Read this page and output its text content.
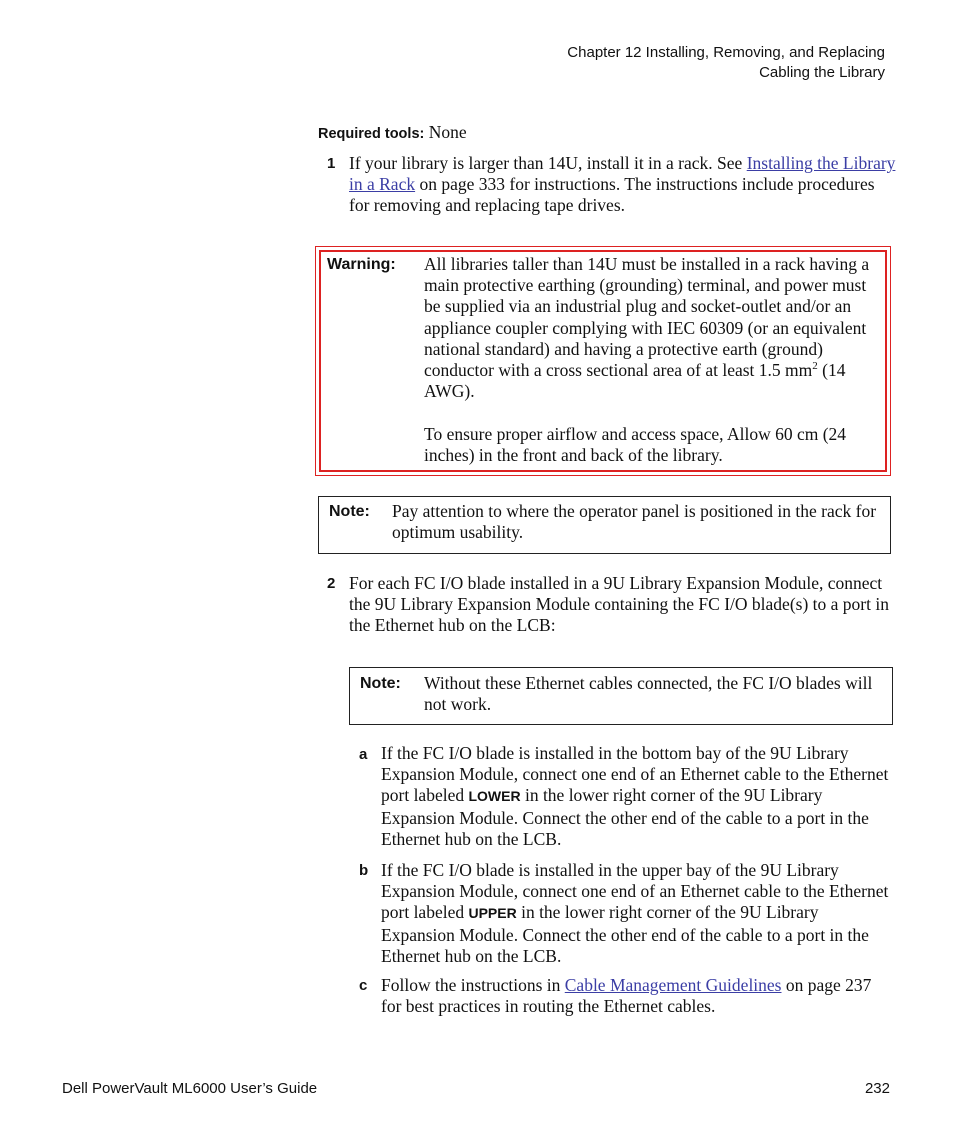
Chapter 12 Installing, Removing, and Replacing
Cabling the Library
Required tools: None
1 If your library is larger than 14U, install it in a rack. See Installing the Library in a Rack on page 333 for instructions. The instructions include procedures for removing and replacing tape drives.
Warning: All libraries taller than 14U must be installed in a rack having a main protective earthing (grounding) terminal, and power must be supplied via an industrial plug and socket-outlet and/or an appliance coupler complying with IEC 60309 (or an equivalent national standard) and having a protective earth (ground) conductor with a cross sectional area of at least 1.5 $mm^2$ (14 AWG).
To ensure proper airflow and access space, Allow 60 cm (24 inches) in the front and back of the library.
Note: Pay attention to where the operator panel is positioned in the rack for optimum usability.
2 For each FC I/O blade installed in a 9U Library Expansion Module, connect the 9U Library Expansion Module containing the FC I/O blade(s) to a port in the Ethernet hub on the LCB:
Note: Without these Ethernet cables connected, the FC I/O blades will not work.
a If the FC I/O blade is installed in the bottom bay of the 9U Library Expansion Module, connect one end of an Ethernet cable to the Ethernet port labeled LOWER in the lower right corner of the 9U Library Expansion Module. Connect the other end of the cable to a port in the Ethernet hub on the LCB.
b If the FC I/O blade is installed in the upper bay of the 9U Library Expansion Module, connect one end of an Ethernet cable to the Ethernet port labeled UPPER in the lower right corner of the 9U Library Expansion Module. Connect the other end of the cable to a port in the Ethernet hub on the LCB.
c Follow the instructions in Cable Management Guidelines on page 237 for best practices in routing the Ethernet cables.
Dell PowerVault ML6000 User’s Guide	232
